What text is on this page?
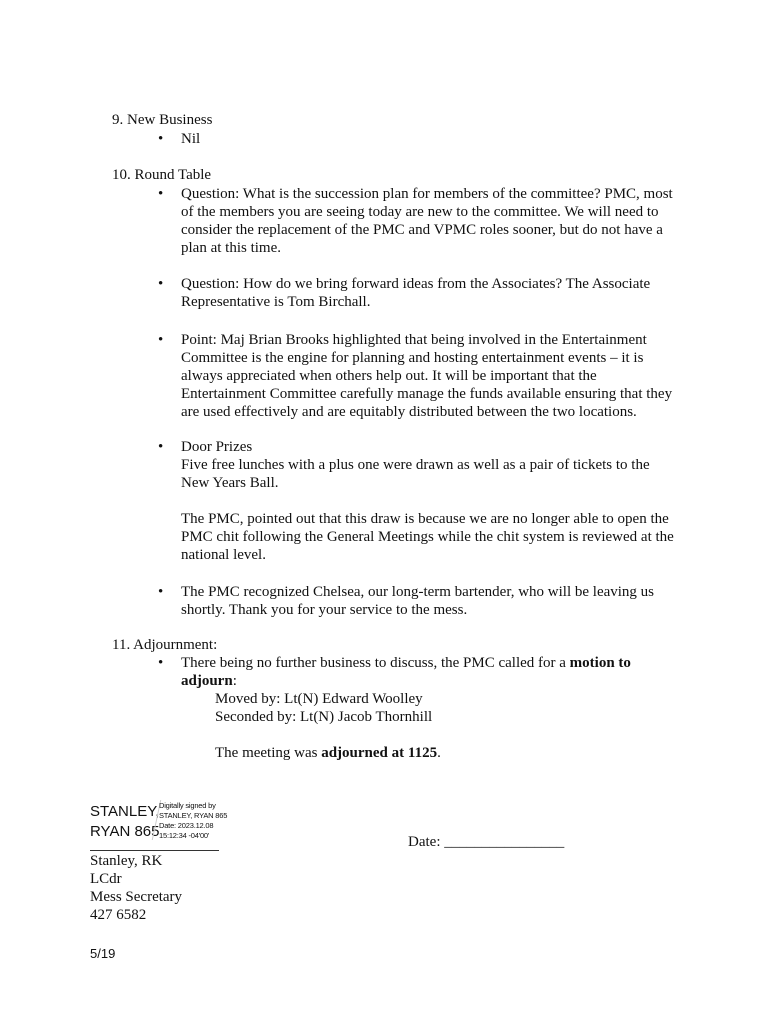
9. New Business
• Nil
10. Round Table
• Question: What is the succession plan for members of the committee? PMC, most of the members you are seeing today are new to the committee. We will need to consider the replacement of the PMC and VPMC roles sooner, but do not have a plan at this time.
• Question: How do we bring forward ideas from the Associates? The Associate Representative is Tom Birchall.
• Point: Maj Brian Brooks highlighted that being involved in the Entertainment Committee is the engine for planning and hosting entertainment events – it is always appreciated when others help out. It will be important that the Entertainment Committee carefully manage the funds available ensuring that they are used effectively and are equitably distributed between the two locations.
• Door Prizes
Five free lunches with a plus one were drawn as well as a pair of tickets to the New Years Ball.
The PMC, pointed out that this draw is because we are no longer able to open the PMC chit following the General Meetings while the chit system is reviewed at the national level.
• The PMC recognized Chelsea, our long-term bartender, who will be leaving us shortly. Thank you for your service to the mess.
11. Adjournment:
• There being no further business to discuss, the PMC called for a motion to adjourn:
Moved by: Lt(N) Edward Woolley
Seconded by: Lt(N) Jacob Thornhill
The meeting was adjourned at 1125.
STANLEY,
RYAN 865
Digitally signed by
STANLEY, RYAN 865
Date: 2023.12.08
15:12:34 -04'00'
Stanley, RK
LCdr
Mess Secretary
427 6582
Date: ________________
5/19
